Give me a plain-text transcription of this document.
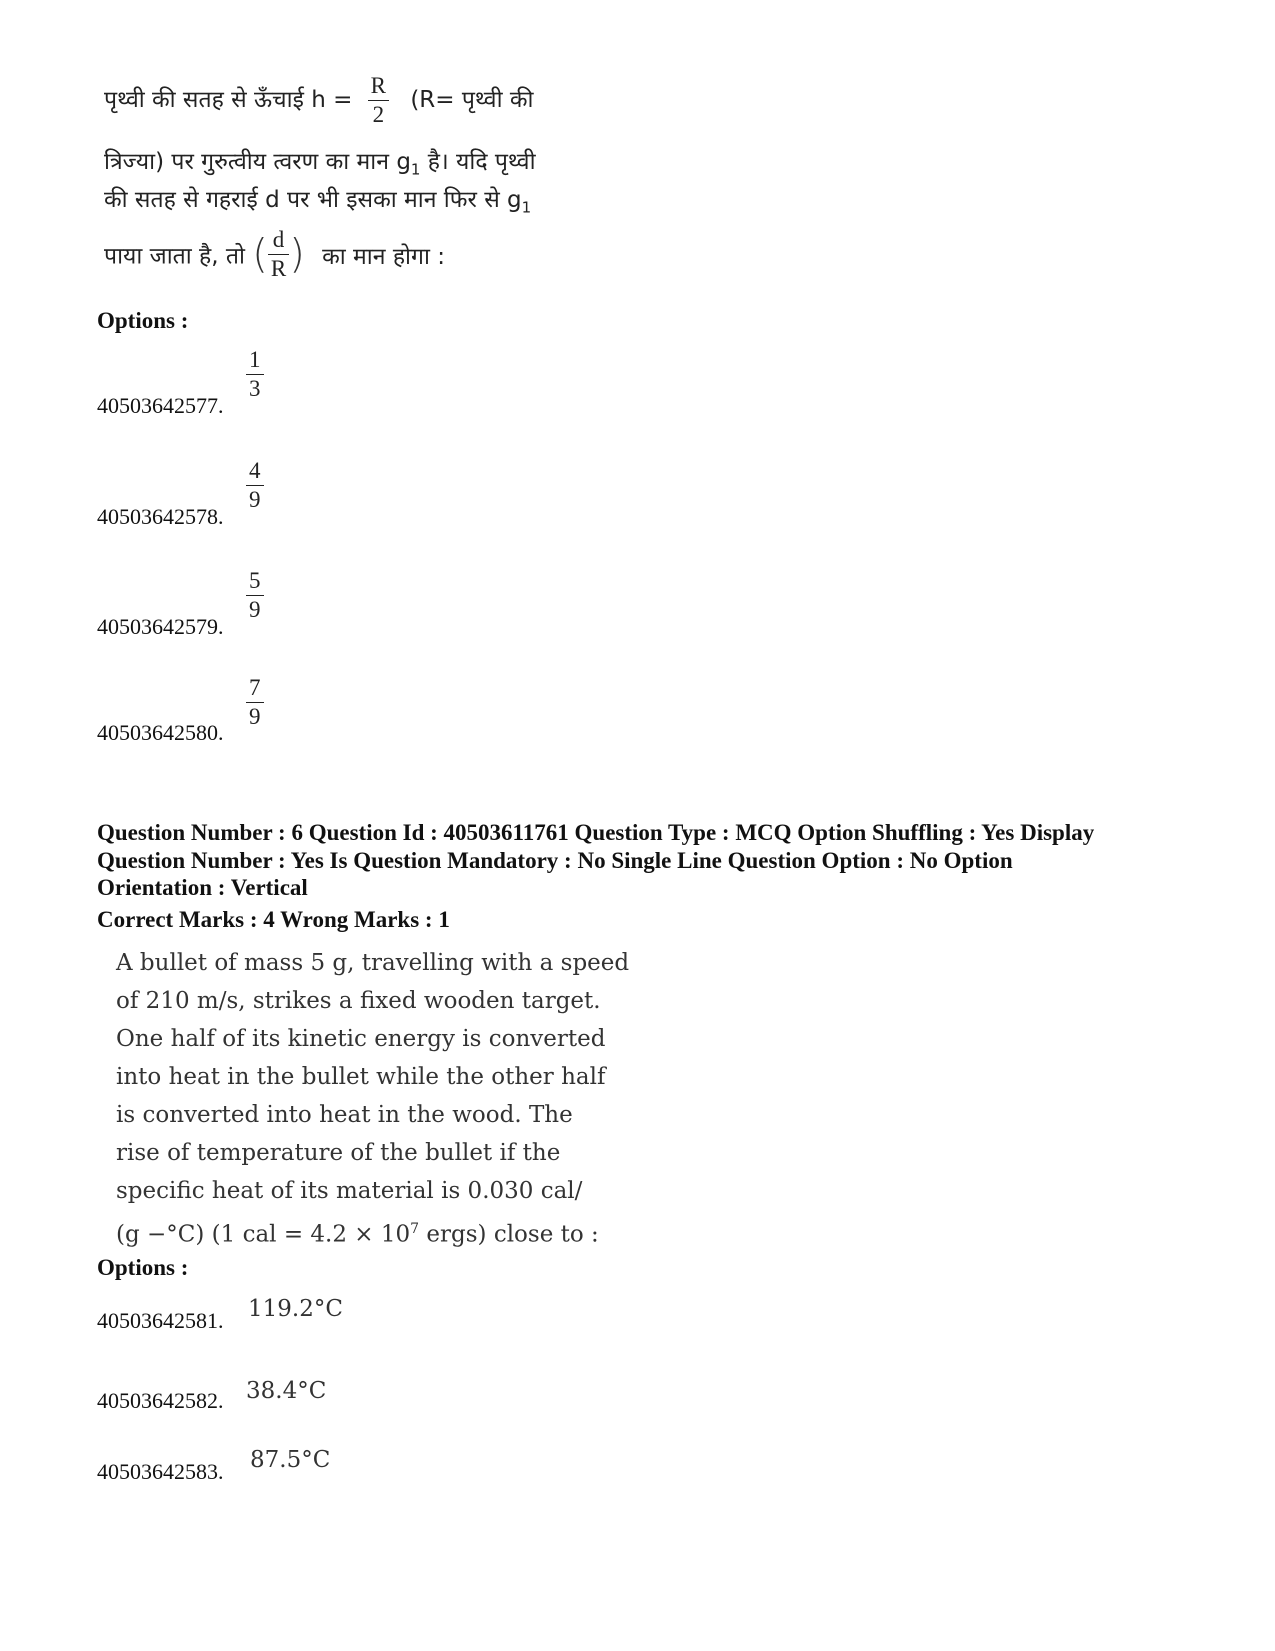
पृथ्वी की सतह से ऊँचाई $h = \frac{R}{2} (R=$ पृथ्वी की
त्रिज्या) पर गुरुत्वीय त्वरण का मान $g_1$ है। यदि पृथ्वी
की सतह से गहराई d पर भी इसका मान फिर से $g_1$
पाया जाता है, तो ( $\frac{d}{R}$ ) का मान होगा :
Options :
40503642577.
$\frac{1}{3}$
40503642578.
$\frac{4}{9}$
40503642579.
$\frac{5}{9}$
40503642580.
$\frac{7}{9}$
Question Number : 6 Question Id : 40503611761 Question Type : MCQ Option Shuffling : Yes Display
Question Number : Yes Is Question Mandatory : No Single Line Question Option : No Option
Orientation : Vertical
Correct Marks : 4 Wrong Marks : 1
A bullet of mass 5 g, travelling with a speed
of 210 m/s, strikes a fixed wooden target.
One half of its kinetic energy is converted
into heat in the bullet while the other half
is converted into heat in the wood. The
rise of temperature of the bullet if the
specific heat of its material is 0.030 cal/
(g −°C) (1 cal = $4.2 \times 10^7$ ergs) close to :
Options :
40503642581. 119.2°C
40503642582. 38.4°C
40503642583. 87.5°C
